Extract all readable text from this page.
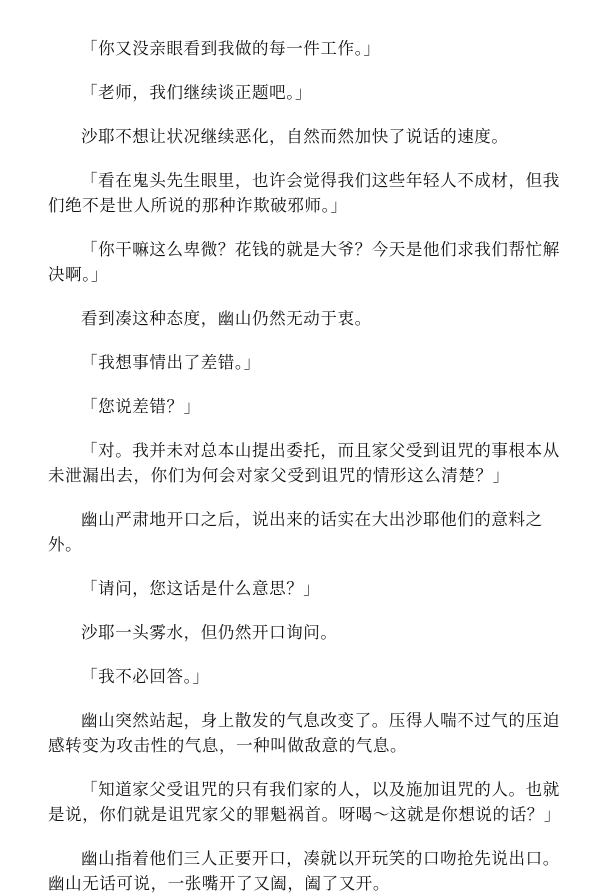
「你又没亲眼看到我做的每一件工作。」

「老师，我们继续谈正题吧。」

沙耶不想让状况继续恶化，自然而然加快了说话的速度。

「看在鬼头先生眼里，也许会觉得我们这些年轻人不成材，但我们绝不是世人所说的那种诈欺破邪师。」

「你干嘛这么卑微？花钱的就是大爷？今天是他们求我们帮忙解决啊。」

看到凑这种态度，幽山仍然无动于衷。

「我想事情出了差错。」

「您说差错？」

「对。我并未对总本山提出委托，而且家父受到诅咒的事根本从未泄漏出去，你们为何会对家父受到诅咒的情形这么清楚？」

幽山严肃地开口之后，说出来的话实在大出沙耶他们的意料之外。

「请问，您这话是什么意思？」

沙耶一头雾水，但仍然开口询问。

「我不必回答。」

幽山突然站起，身上散发的气息改变了。压得人喘不过气的压迫感转变为攻击性的气息，一种叫做敌意的气息。

「知道家父受诅咒的只有我们家的人，以及施加诅咒的人。也就是说，你们就是诅咒家父的罪魁祸首。呀喝～这就是你想说的话？」

幽山指着他们三人正要开口，凑就以开玩笑的口吻抢先说出口。幽山无话可说，一张嘴开了又阖，阖了又开。
